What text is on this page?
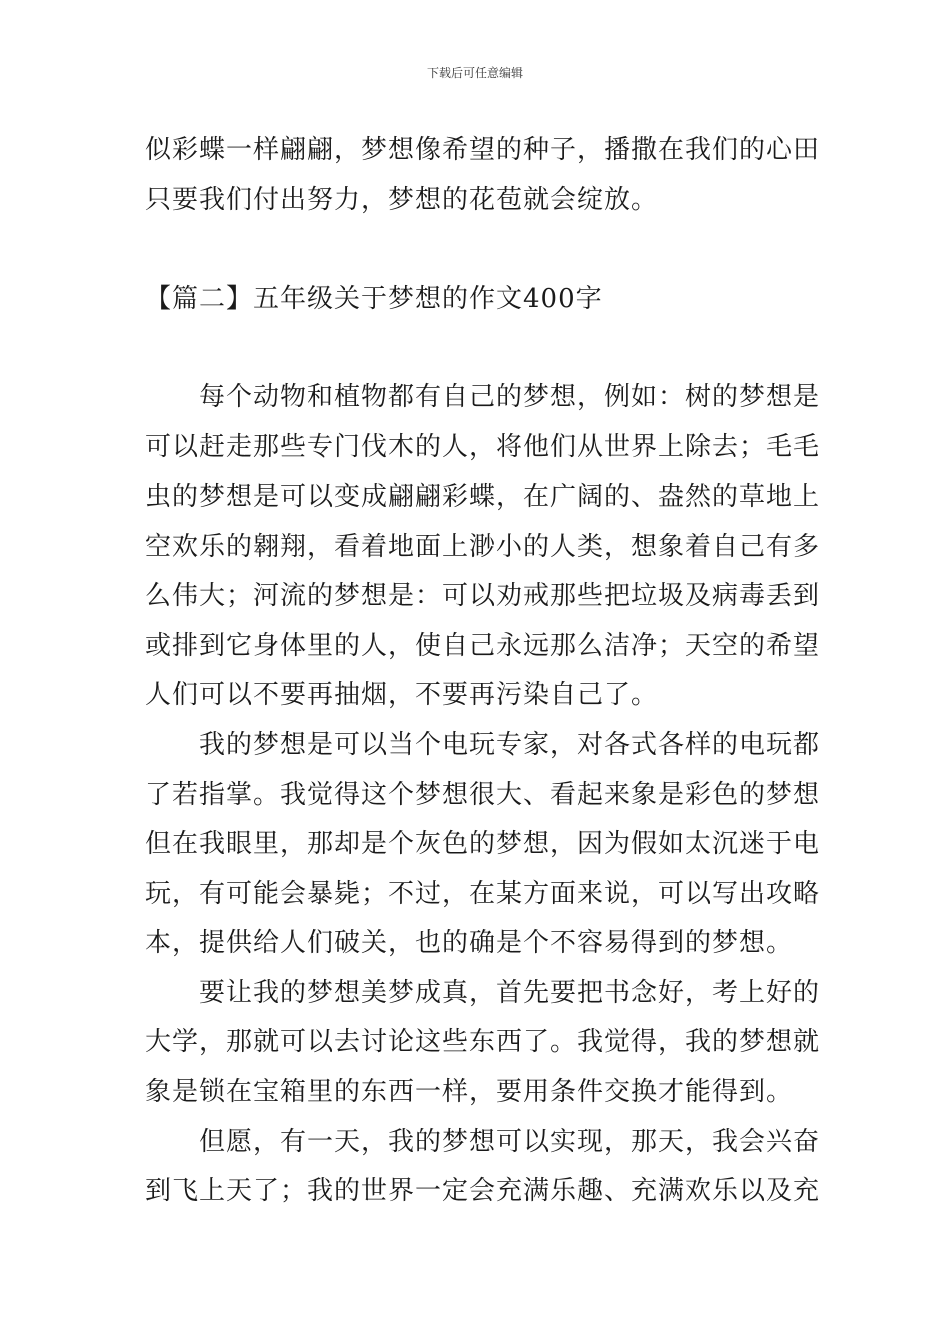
下载后可任意编辑
似彩蝶一样翩翩，梦想像希望的种子，播撒在我们的心田
只要我们付出努力，梦想的花苞就会绽放。
【篇二】五年级关于梦想的作文400字
每个动物和植物都有自己的梦想，例如：树的梦想是
可以赶走那些专门伐木的人，将他们从世界上除去；毛毛
虫的梦想是可以变成翩翩彩蝶，在广阔的、盎然的草地上
空欢乐的翱翔，看着地面上渺小的人类，想象着自己有多
么伟大；河流的梦想是：可以劝戒那些把垃圾及病毒丢到
或排到它身体里的人，使自己永远那么洁净；天空的希望
人们可以不要再抽烟，不要再污染自己了。
我的梦想是可以当个电玩专家，对各式各样的电玩都
了若指掌。我觉得这个梦想很大、看起来象是彩色的梦想
但在我眼里，那却是个灰色的梦想，因为假如太沉迷于电
玩，有可能会暴毙；不过，在某方面来说，可以写出攻略
本，提供给人们破关，也的确是个不容易得到的梦想。
要让我的梦想美梦成真，首先要把书念好，考上好的
大学，那就可以去讨论这些东西了。我觉得，我的梦想就
象是锁在宝箱里的东西一样，要用条件交换才能得到。
但愿，有一天，我的梦想可以实现，那天，我会兴奋
到飞上天了；我的世界一定会充满乐趣、充满欢乐以及充
